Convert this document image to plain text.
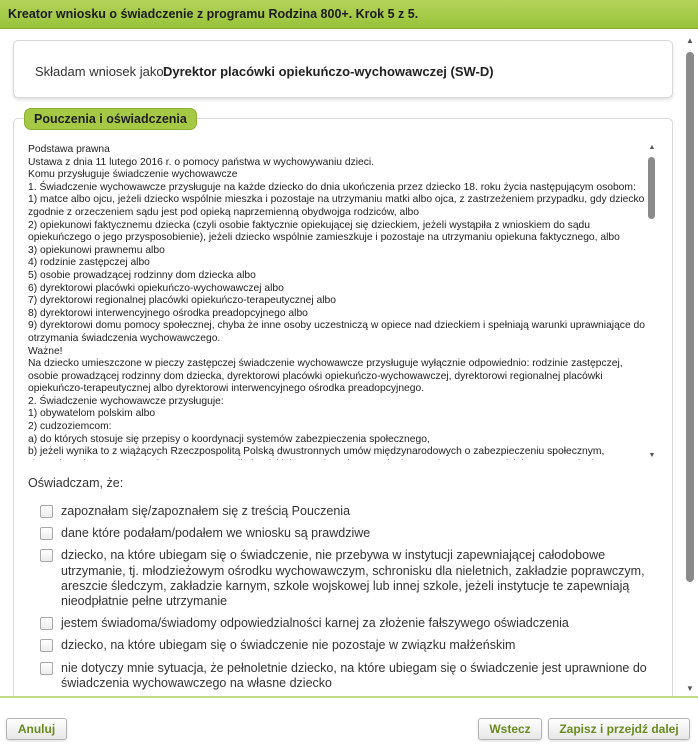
Kreator wniosku o świadczenie z programu Rodzina 800+. Krok 5 z 5.
Składam wniosek jako:
Dyrektor placówki opiekuńczo-wychowawczej (SW-D)
Pouczenia i oświadczenia
Podstawa prawna
Ustawa z dnia 11 lutego 2016 r. o pomocy państwa w wychowywaniu dzieci.
Komu przysługuje świadczenie wychowawcze
1. Świadczenie wychowawcze przysługuje na każde dziecko do dnia ukończenia przez dziecko 18. roku życia następującym osobom:
1) matce albo ojcu, jeżeli dziecko wspólnie mieszka i pozostaje na utrzymaniu matki albo ojca, z zastrzeżeniem przypadku, gdy dziecko zgodnie z orzeczeniem sądu jest pod opieką naprzemienną obydwojga rodziców, albo
2) opiekunowi faktycznemu dziecka (czyli osobie faktycznie opiekującej się dzieckiem, jeżeli wystąpiła z wnioskiem do sądu opiekuńczego o jego przysposobienie), jeżeli dziecko wspólnie zamieszkuje i pozostaje na utrzymaniu opiekuna faktycznego, albo
3) opiekunowi prawnemu albo
4) rodzinie zastępczej albo
5) osobie prowadzącej rodzinny dom dziecka albo
6) dyrektorowi placówki opiekuńczo-wychowawczej albo
7) dyrektorowi regionalnej placówki opiekuńczo-terapeutycznej albo
8) dyrektorowi interwencyjnego ośrodka preadopcyjnego albo
9) dyrektorowi domu pomocy społecznej, chyba że inne osoby uczestniczą w opiece nad dzieckiem i spełniają warunki uprawniające do otrzymania świadczenia wychowawczego.
Ważne!
Na dziecko umieszczone w pieczy zastępczej świadczenie wychowawcze przysługuje wyłącznie odpowiednio: rodzinie zastępczej, osobie prowadzącej rodzinny dom dziecka, dyrektorowi placówki opiekuńczo-wychowawczej, dyrektorowi regionalnej placówki opiekuńczo-terapeutycznej albo dyrektorowi interwencyjnego ośrodka preadopcyjnego.
2. Świadczenie wychowawcze przysługuje:
1) obywatelom polskim albo
2) cudzoziemcom:
a) do których stosuje się przepisy o koordynacji systemów zabezpieczenia społecznego,
b) jeżeli wynika to z wiążących Rzeczpospolitą Polską dwustronnych umów międzynarodowych o zabezpieczeniu społecznym,
▲
▼
Oświadczam, że:
zapoznałam się/zapoznałem się z treścią Pouczenia
dane które podałam/podałem we wniosku są prawdziwe
dziecko, na które ubiegam się o świadczenie, nie przebywa w instytucji zapewniającej całodobowe utrzymanie, tj. młodzieżowym ośrodku wychowawczym, schronisku dla nieletnich, zakładzie poprawczym, areszcie śledczym, zakładzie karnym, szkole wojskowej lub innej szkole, jeżeli instytucje te zapewniają nieodpłatnie pełne utrzymanie
jestem świadoma/świadomy odpowiedzialności karnej za złożenie fałszywego oświadczenia
dziecko, na które ubiegam się o świadczenie nie pozostaje w związku małżeńskim
nie dotyczy mnie sytuacja, że pełnoletnie dziecko, na które ubiegam się o świadczenie jest uprawnione do świadczenia wychowawczego na własne dziecko
▲
▼
Anuluj	Wstecz	Zapisz i przejdź dalej
